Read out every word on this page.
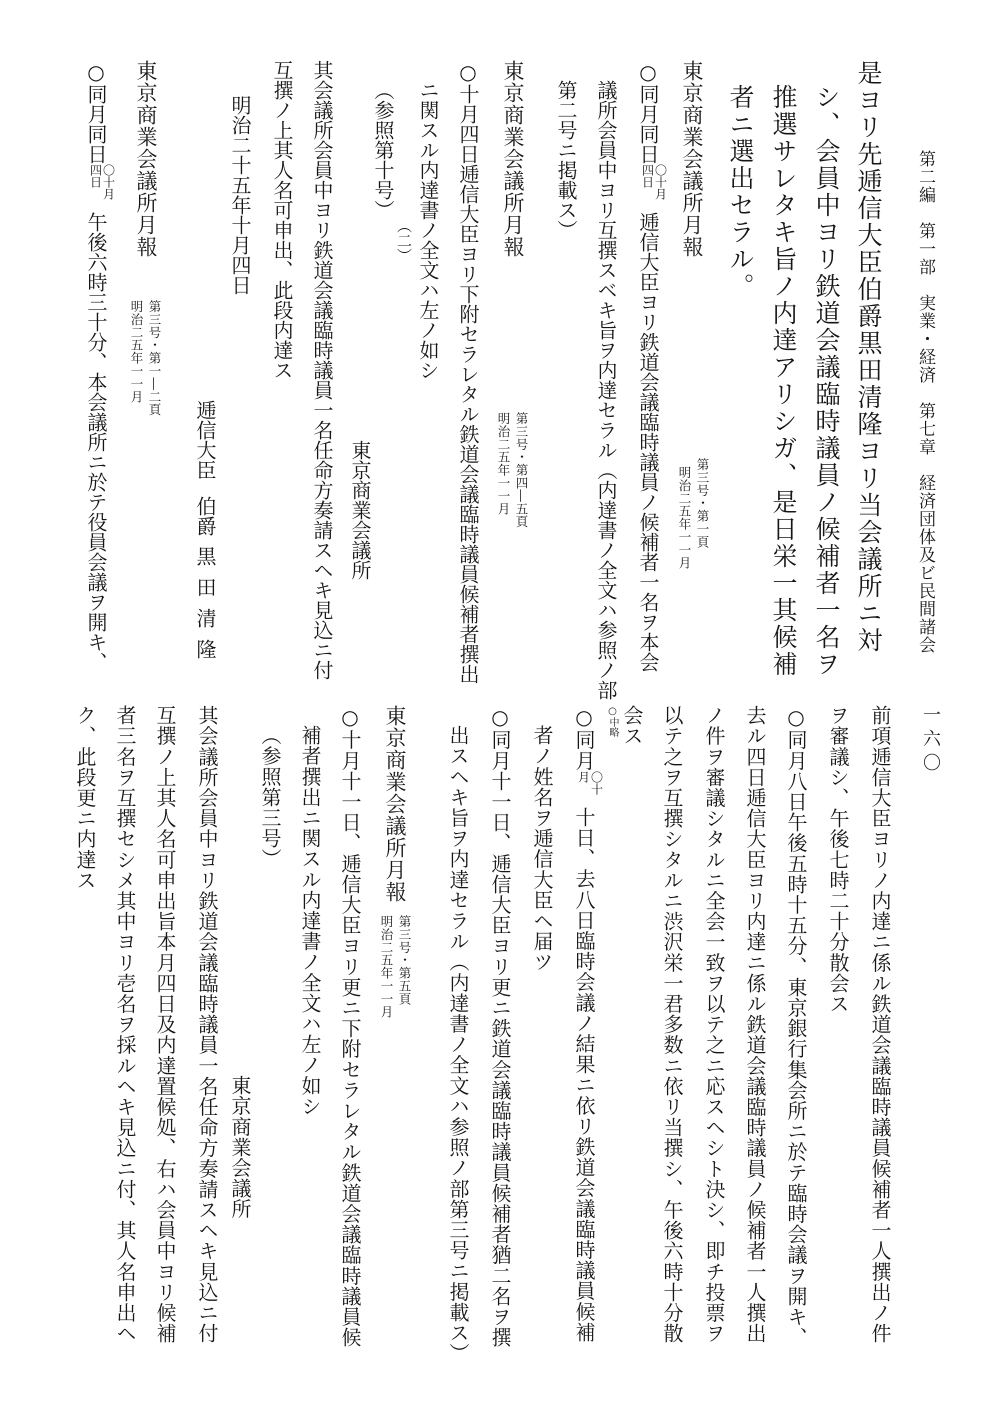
第二編　第一部　実業・経済　第七章　経済団体及ビ民間諸会
一六〇
是ヨリ先逓信大臣伯爵黒田清隆ヨリ当会議所ニ対
シ、会員中ヨリ鉄道会議臨時議員ノ候補者一名ヲ
推選サレタキ旨ノ内達アリシガ、是日栄一其候補
者ニ選出セラル。
東京商業会議所月報
第三号・第一頁
明治二五年一一月
○同月同日
〇十月
四日
逓信大臣ヨリ鉄道会議臨時議員ノ候補者一名ヲ本会
議所会員中ヨリ互撰スベキ旨ヲ内達セラル（内達書ノ全文ハ参照ノ部
第二号ニ掲載ス）
東京商業会議所月報
第三号・第四―五頁
明治二五年一一月
○十月四日逓信大臣ヨリ下附セラレタル鉄道会議臨時議員候補者撰出
ニ関スル内達書ノ全文ハ左ノ如シ
（二）
（参照第十号）
東京商業会議所
其会議所会員中ヨリ鉄道会議臨時議員一名任命方奏請スヘキ見込ニ付
互撰ノ上其人名可申出、此段内達ス
明治二十五年十月四日
逓信大臣伯爵黒田清隆
東京商業会議所月報
第三号・第一―二頁
明治二五年一一月
○同月同日
〇十月
四日
午後六時三十分、本会議所ニ於テ役員会議ヲ開キ、
前項逓信大臣ヨリノ内達ニ係ル鉄道会議臨時議員候補者一人撰出ノ件
ヲ審議シ、午後七時二十分散会ス
○同月八日午後五時十五分、東京銀行集会所ニ於テ臨時会議ヲ開キ、
去ル四日逓信大臣ヨリ内達ニ係ル鉄道会議臨時議員ノ候補者一人撰出
ノ件ヲ審議シタルニ全会一致ヲ以テ之ニ応スヘシト決シ、即チ投票ヲ
以テ之ヲ互撰シタルニ渋沢栄一君多数ニ依リ当撰シ、午後六時十分散
会ス
○中略
○同月
〇十
月
十日、去八日臨時会議ノ結果ニ依リ鉄道会議臨時議員候補
者ノ姓名ヲ逓信大臣ヘ届ツ
○同月十一日、逓信大臣ヨリ更ニ鉄道会議臨時議員候補者猶二名ヲ撰
出スヘキ旨ヲ内達セラル（内達書ノ全文ハ参照ノ部第三号ニ掲載ス）
東京商業会議所月報
第三号・第五頁
明治二五年一一月
○十月十一日、逓信大臣ヨリ更ニ下附セラレタル鉄道会議臨時議員候
補者撰出ニ関スル内達書ノ全文ハ左ノ如シ
（参照第三号）
東京商業会議所
其会議所会員中ヨリ鉄道会議臨時議員一名任命方奏請スヘキ見込ニ付
互撰ノ上其人名可申出旨本月四日及内達置候処、右ハ会員中ヨリ候補
者三名ヲ互撰セシメ其中ヨリ壱名ヲ採ルヘキ見込ニ付、其人名申出ヘ
ク、此段更ニ内達ス
